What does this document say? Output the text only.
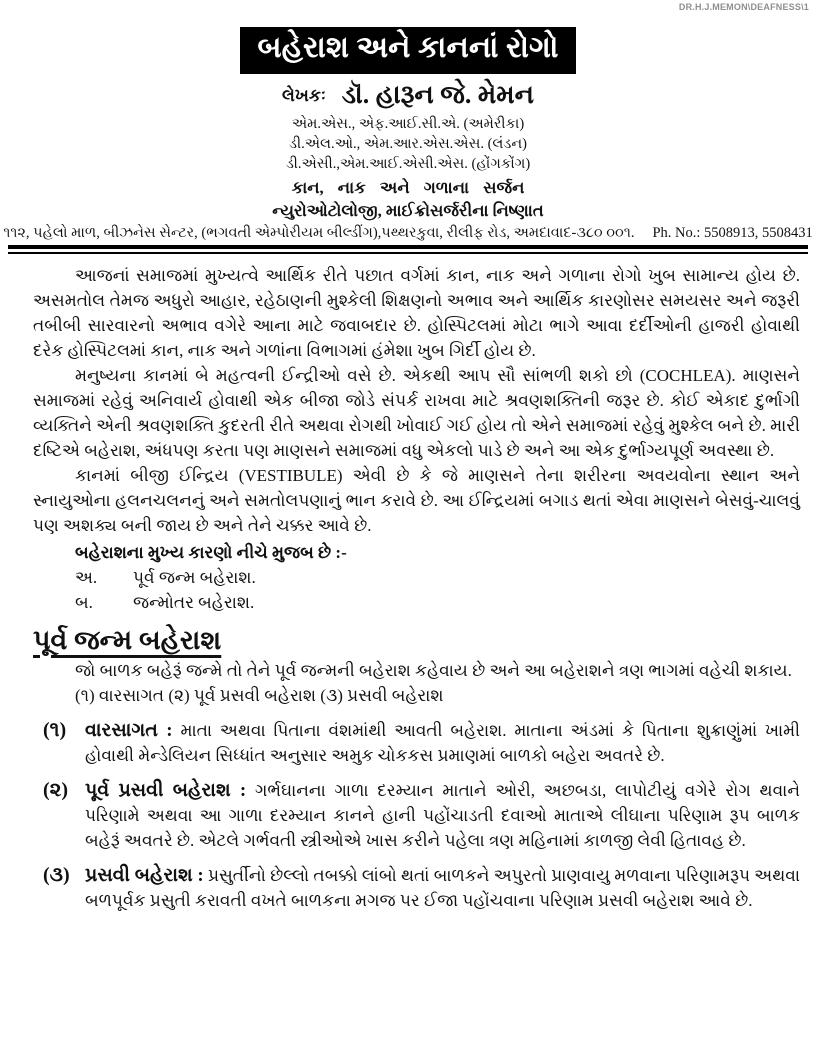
DR.H.J.MEMON\DEAFNESS\1
બહેરાશ અને કાનનાં રોગો
લેખકઃ ડૉ. હારૂન જે. મેમન
એમ.એસ., એફ.આઈ.સી.એ. (અમેરીકા)
ડી.એલ.ઓ., એમ.આર.એસ.એસ. (લંડન)
ડી.એસી.,એમ.આઈ.એસી.એસ. (હોંગકોંગ)
કાન, નાક અને ગળાના સર્જન
ન્યુરોઓટોલોજી, માઈક્રોસર્જરીના નિષ્ણાત
૧૧૨, પહેલો માળ, બીઝનેસ સેન્ટર, (ભગવતી એમ્પોરીયમ બીલ્ડીંગ),પથ્થરકુવા, રીલીફ રોડ, અમદાવાદ-૩૮૦ ૦૦૧. Ph. No.: 5508913, 5508431

આજનાં સમાજમાં મુખ્યત્વે આર્થિક રીતે પછાત વર્ગમાં કાન, નાક અને ગળાના રોગો ખુબ સામાન્ય હોય છે. અસમતોલ તેમજ અધુરો આહાર, રહેઠાણની મુશ્કેલી શિક્ષણનો અભાવ અને આર્થિક કારણોસર સમયસર અને જરૂરી તબીબી સારવારનો અભાવ વગેરે આના માટે જવાબદાર છે. હોસ્પિટલમાં મોટા ભાગે આવા દર્દીઓની હાજરી હોવાથી દરેક હોસ્પિટલમાં કાન, નાક અને ગળાંના વિભાગમાં હંમેશા ખુબ ગિર્દી હોય છે.

મનુષ્યના કાનમાં બે મહત્વની ઈન્દ્રીઓ વસે છે. એકથી આપ સૌ સાંભળી શકો છો (COCHLEA). માણસને સમાજમાં રહેવું અનિવાર્ય હોવાથી એક બીજા જોડે સંપર્ક રાખવા માટે શ્રવણશક્તિની જરૂર છે. કોઈ એકાદ દુર્ભાગી વ્યક્તિને એની શ્રવણશક્તિ કુદરતી રીતે અથવા રોગથી ખોવાઈ ગઈ હોય તો એને સમાજમાં રહેવું મુશ્કેલ બને છે. મારી દષ્ટિએ બહેરાશ, અંધપણ કરતા પણ માણસને સમાજમાં વધુ એકલો પાડે છે અને આ એક દુર્ભાગ્યપૂર્ણ અવસ્થા છે.

કાનમાં બીજી ઈન્દ્રિય (VESTIBULE) એવી છે કે જે માણસને તેના શરીરના અવયવોના સ્થાન અને સ્નાયુઓના હલનચલનનું અને સમતોલપણાનું ભાન કરાવે છે. આ ઈન્દ્રિયમાં બગાડ થતાં એવા માણસને બેસવું-ચાલવું પણ અશક્ય બની જાય છે અને તેને ચક્કર આવે છે.

બહેરાશના મુખ્ય કારણો નીચે મુજબ છે :-

અ.	પૂર્વ જન્મ બહેરાશ.
બ.	જન્મોતર બહેરાશ.
પૂર્વ જન્મ બહેરાશ

જો બાળક બહેરૂં જન્મે તો તેને પૂર્વ જન્મની બહેરાશ કહેવાય છે અને આ બહેરાશને ત્રણ ભાગમાં વહેચી શકાય.

(૧) વારસાગત (૨) પૂર્વ પ્રસવી બહેરાશ (૩) પ્રસવી બહેરાશ

(૧) વારસાગત : માતા અથવા પિતાના વંશમાંથી આવતી બહેરાશ. માતાના અંડમાં કે પિતાના શુક્રાણુંમાં ખામી હોવાથી મેન્ડેલિયન સિધ્ધાંત અનુસાર અમુક ચોકકસ પ્રમાણમાં બાળકો બહેરા અવતરે છે.
(૨) પૂર્વ પ્રસવી બહેરાશ : ગર્ભઘાનના ગાળા દરમ્યાન માતાને ઓરી, અછબડા, લાપોટીયું વગેરે રોગ થવાને પરિણામે અથવા આ ગાળા દરમ્યાન કાનને હાની પહોંચાડતી દવાઓ માતાએ લીઘાના પરિણામ રૂપ બાળક બહેરૂં અવતરે છે. એટલે ગર્ભવતી સ્ત્રીઓએ ખાસ કરીને પહેલા ત્રણ મહિનામાં કાળજી લેવી હિતાવહ છે.
(૩) પ્રસવી બહેરાશ : પ્રસુર્તીનો છેલ્લો તબક્કો લાંબો થતાં બાળકને અપુરતો પ્રાણવાયુ મળવાના પરિણામરૂપ અથવા બળપૂર્વક પ્રસુતી કરાવતી વખતે બાળકના મગજ પર ઈજા પહોંચવાના પરિણામ પ્રસવી બહેરાશ આવે છે.
